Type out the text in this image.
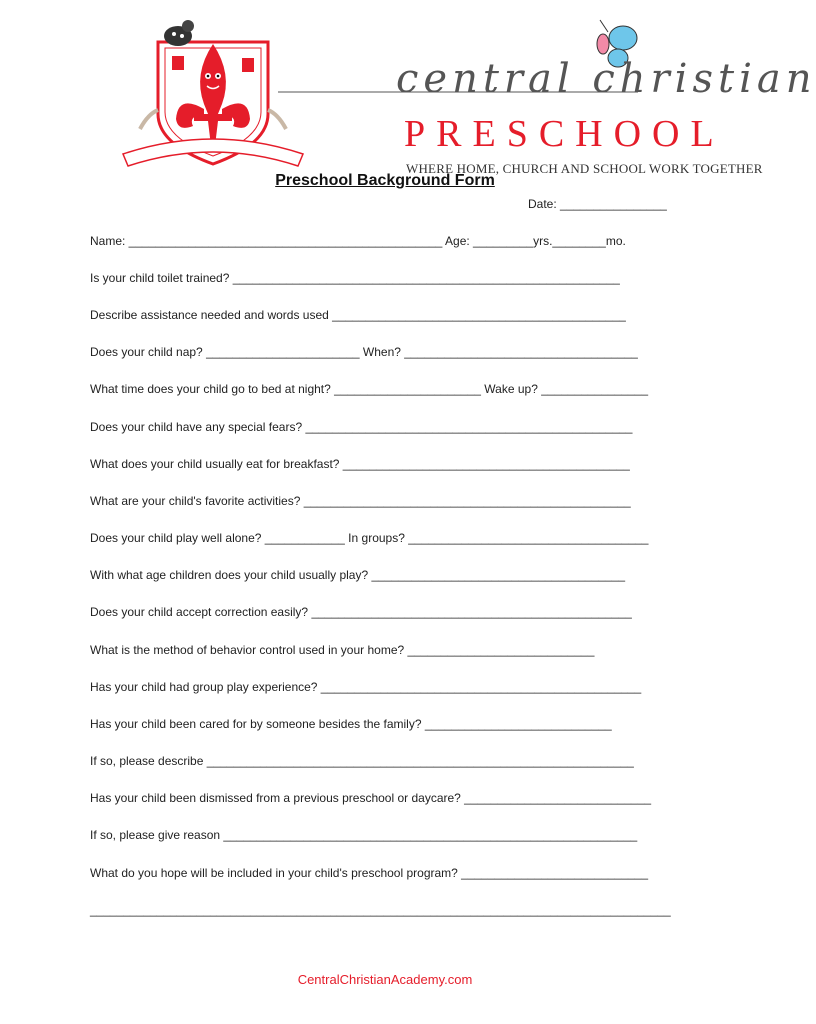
central christian
PRESCHOOL
WHERE HOME, CHURCH AND SCHOOL WORK TOGETHER
Preschool Background Form
Date: ________________
Name: _______________________________________________ Age: _________yrs.________mo.
Is your child toilet trained? __________________________________________________________
Describe assistance needed and words used ____________________________________________
Does your child nap? _______________________ When? ___________________________________
What time does your child go to bed at night? ______________________ Wake up? ________________
Does your child have any special fears? _________________________________________________
What does your child usually eat for breakfast? ___________________________________________
What are your child's favorite activities? _________________________________________________
Does your child play well alone? ____________ In groups? ____________________________________
With what age children does your child usually play? ______________________________________
Does your child accept correction easily? ________________________________________________
What is the method of behavior control used in your home? ____________________________
Has your child had group play experience? ________________________________________________
Has your child been cared for by someone besides the family? ____________________________
If so, please describe ________________________________________________________________
Has your child been dismissed from a previous preschool or daycare? ____________________________
If so, please give reason ______________________________________________________________
What do you hope will be included in your child's preschool program? ____________________________
_______________________________________________________________________________________
CentralChristianAcademy.com
